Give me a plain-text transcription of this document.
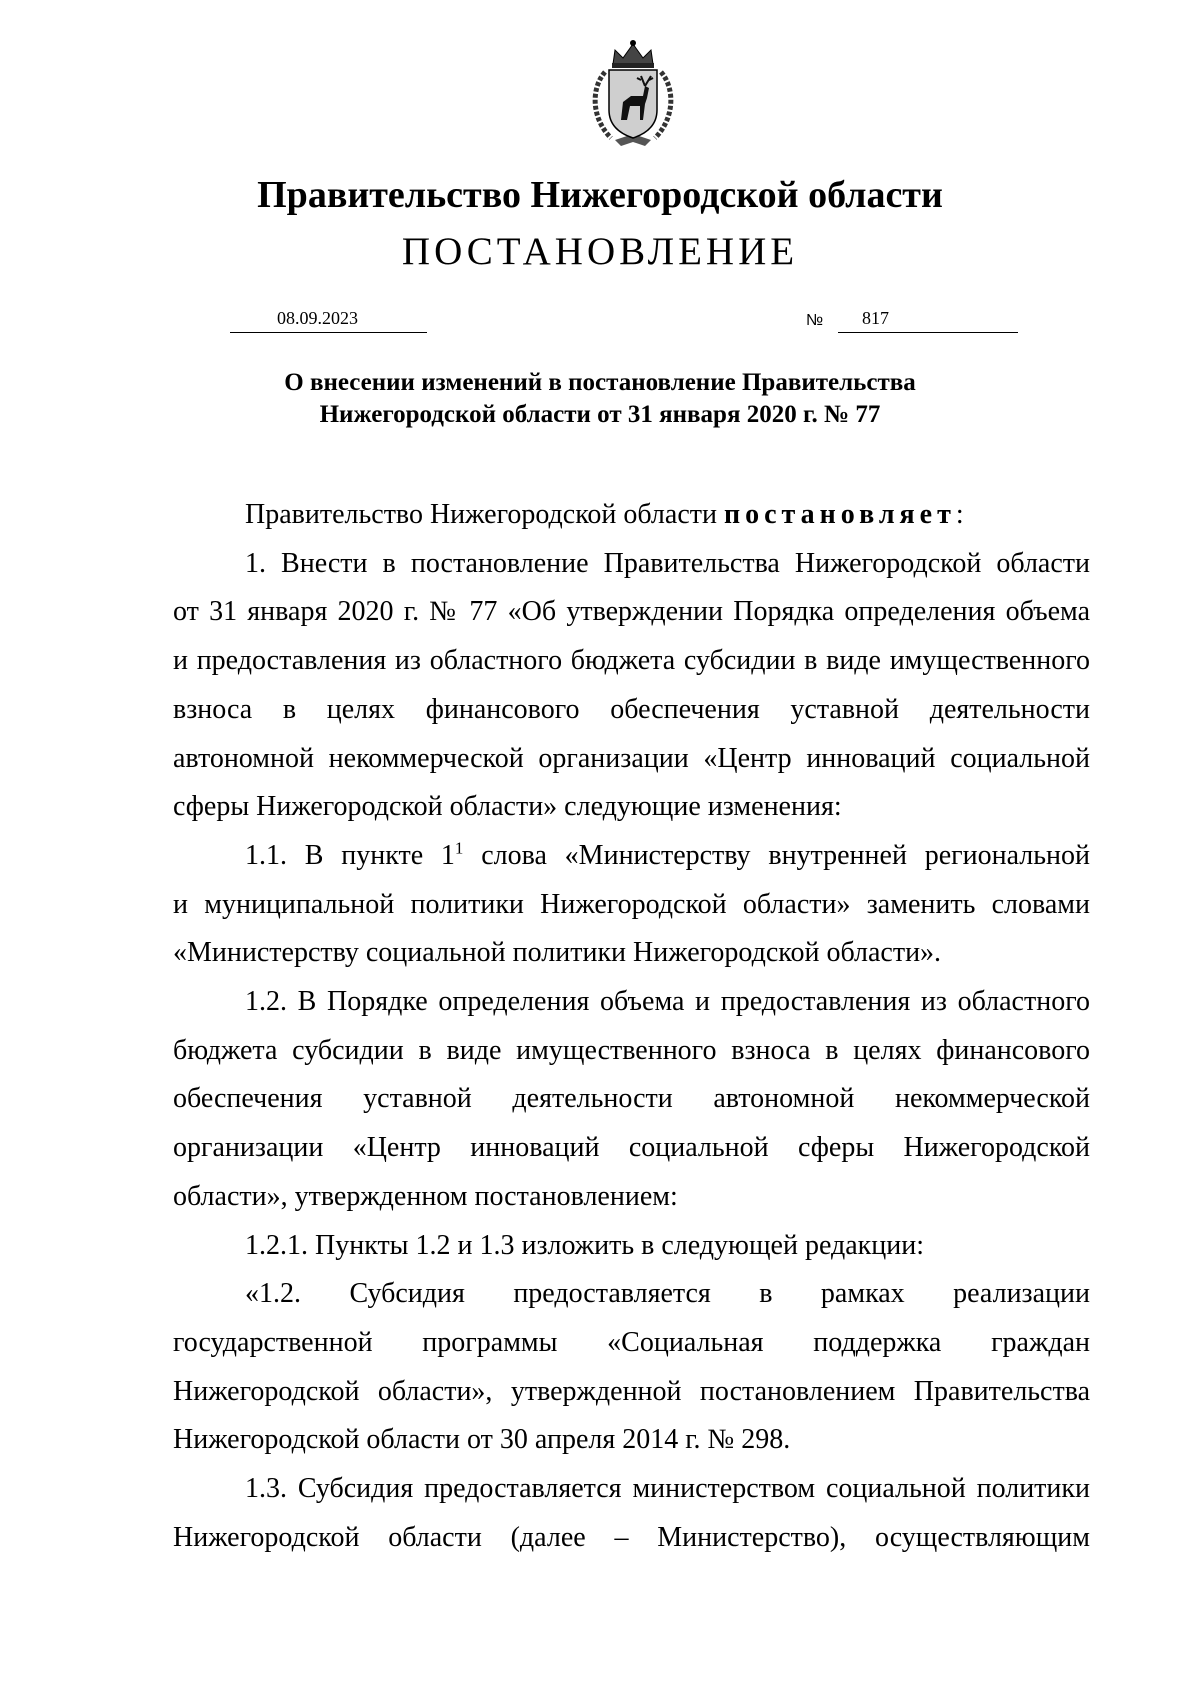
Правительство Нижегородской области
ПОСТАНОВЛЕНИЕ
08.09.2023	№ 817
О внесении изменений в постановление Правительства
Нижегородской области от 31 января 2020 г. № 77
Правительство Нижегородской области постановляет:
1. Внести в постановление Правительства Нижегородской области
от 31 января 2020 г. № 77 «Об утверждении Порядка определения объема
и предоставления из областного бюджета субсидии в виде имущественного
взноса в целях финансового обеспечения уставной деятельности
автономной некоммерческой организации «Центр инноваций социальной
сферы Нижегородской области» следующие изменения:
1.1. В пункте $1^1$ слова «Министерству внутренней региональной
и муниципальной политики Нижегородской области» заменить словами
«Министерству социальной политики Нижегородской области».
1.2. В Порядке определения объема и предоставления из областного
бюджета субсидии в виде имущественного взноса в целях финансового
обеспечения уставной деятельности автономной некоммерческой
организации «Центр инноваций социальной сферы Нижегородской
области», утвержденном постановлением:
1.2.1. Пункты 1.2 и 1.3 изложить в следующей редакции:
«1.2. Субсидия предоставляется в рамках реализации
государственной программы «Социальная поддержка граждан
Нижегородской области», утвержденной постановлением Правительства
Нижегородской области от 30 апреля 2014 г. № 298.
1.3. Субсидия предоставляется министерством социальной политики
Нижегородской области (далее – Министерство), осуществляющим
